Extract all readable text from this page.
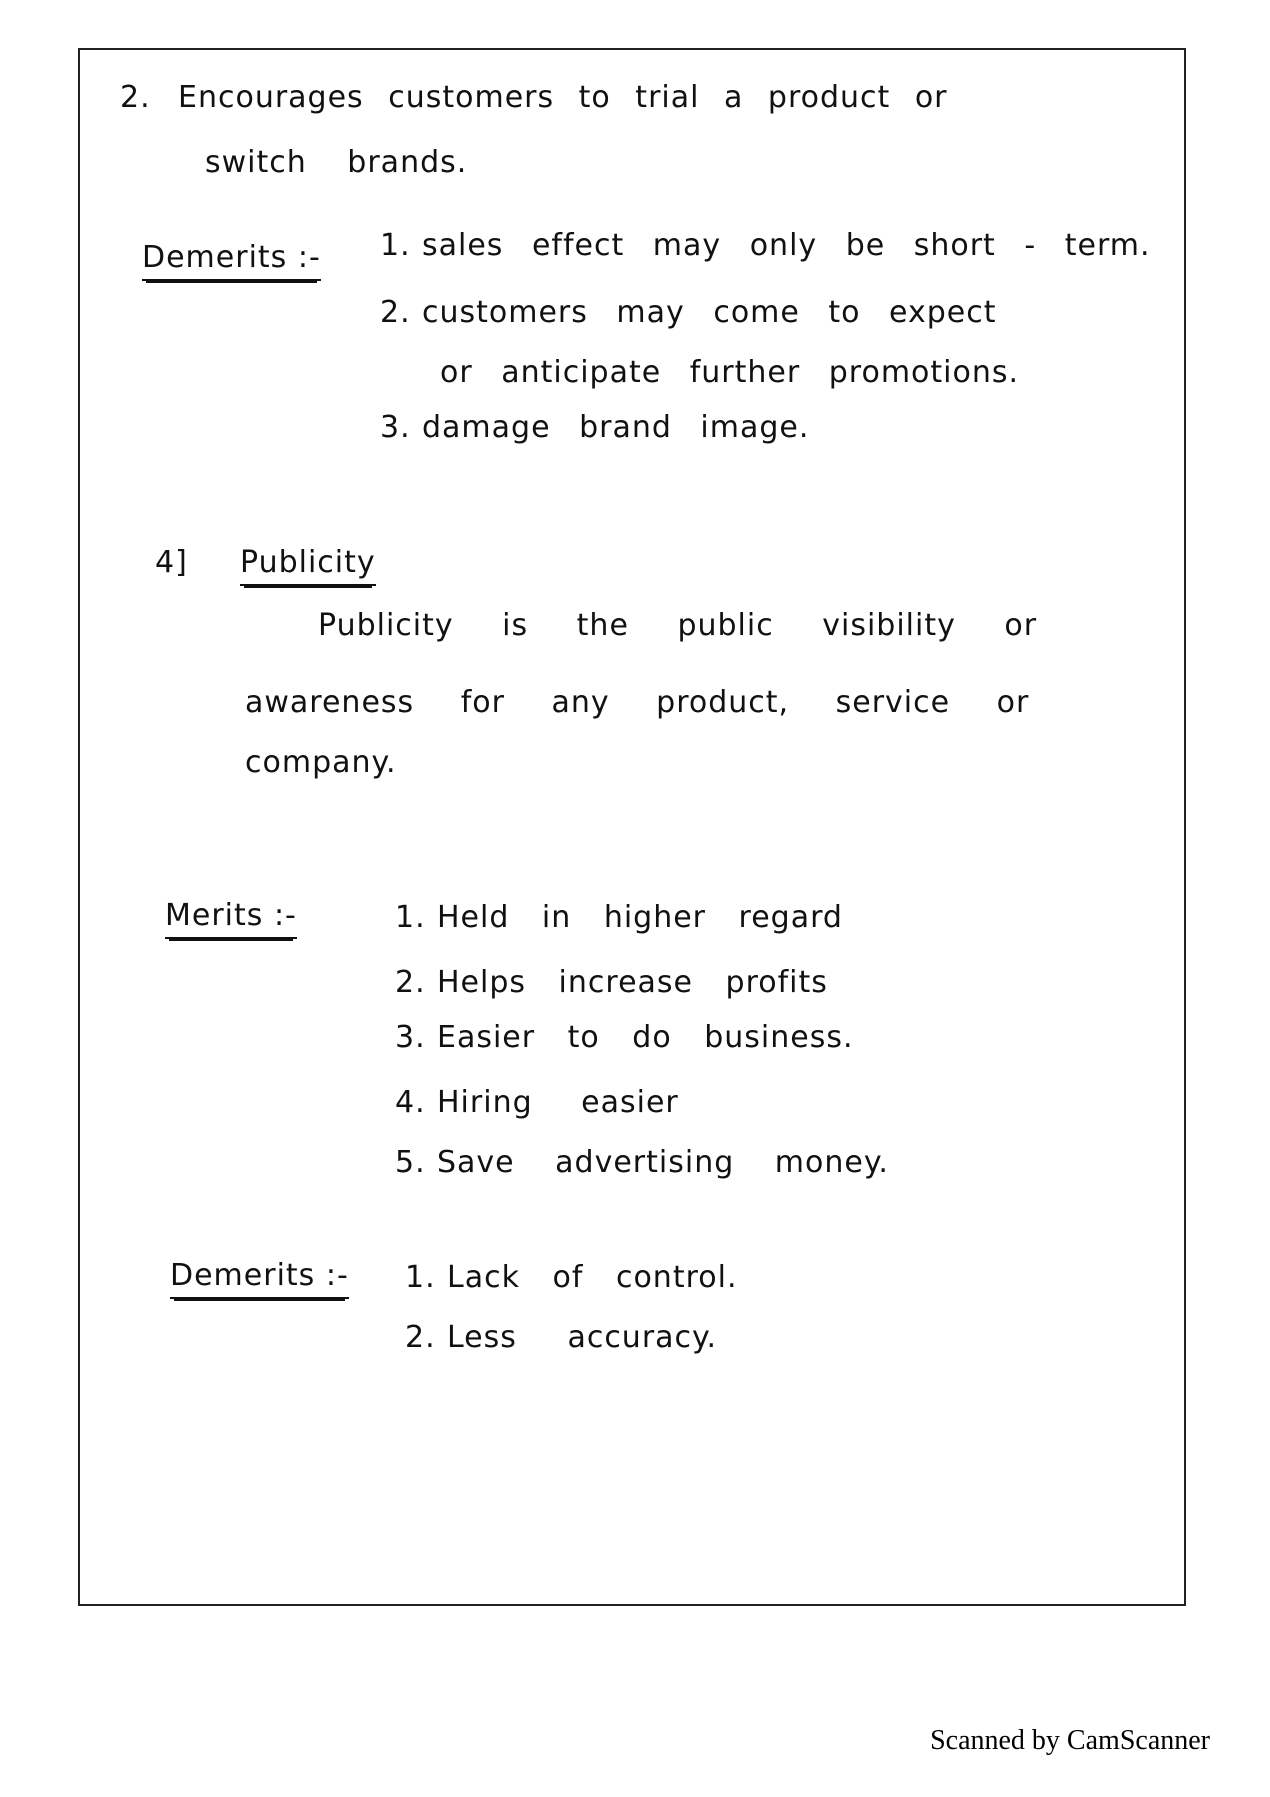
2. Encourages customers to trial a product or
switch brands.
Demerits :- 1. sales effect may only be short - term.
2. customers may come to expect
or anticipate further promotions.
3. damage brand image.
4] Publicity
Publicity is the public visibility or
awareness for any product, service or
company.
Merits :-	1. Held in higher regard
2. Helps increase profits
3. Easier to do business.
4. Hiring easier
5. Save advertising money.
Demerits :- 1. Lack of control.
2. Less accuracy.
Scanned by CamScanner
